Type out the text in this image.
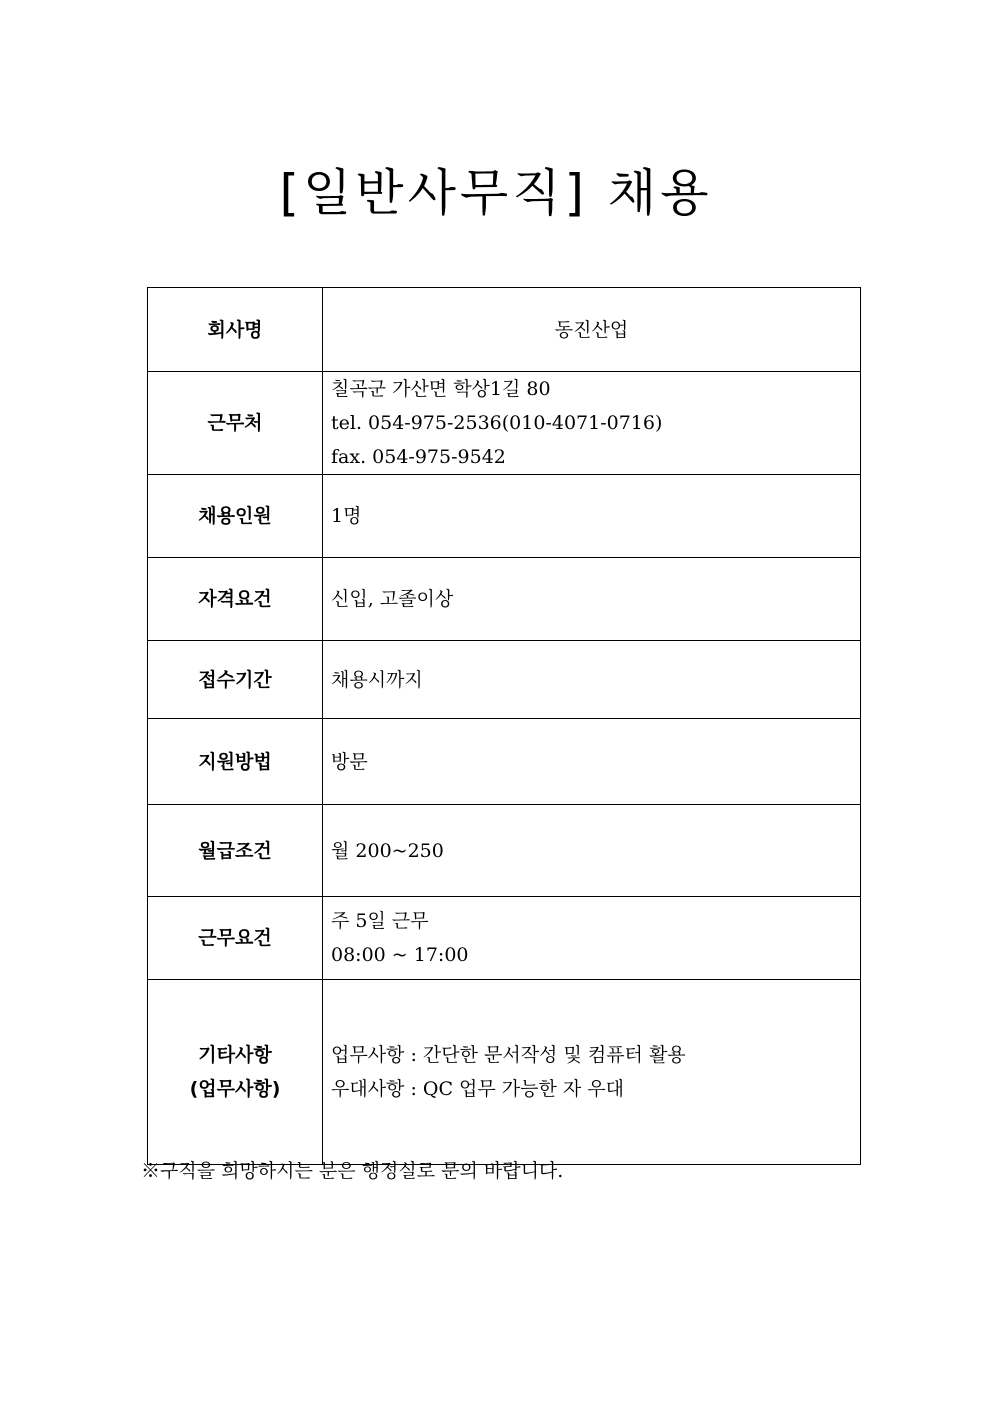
[일반사무직] 채용
회사명	동진산업

근무처	칠곡군 가산면 학상1길 80
tel. 054-975-2536(010-4071-0716)
fax. 054-975-9542

채용인원	1명

자격요건	신입, 고졸이상

접수기간	채용시까지

지원방법	방문

월급조건	월 200~250

근무요건	주 5일 근무
08:00 ~ 17:00

기타사항
(업무사항)	업무사항 : 간단한 문서작성 및 컴퓨터 활용
우대사항 : QC 업무 가능한 자 우대
※구직을 희망하시는 분은 행정실로 문의 바랍니다.
